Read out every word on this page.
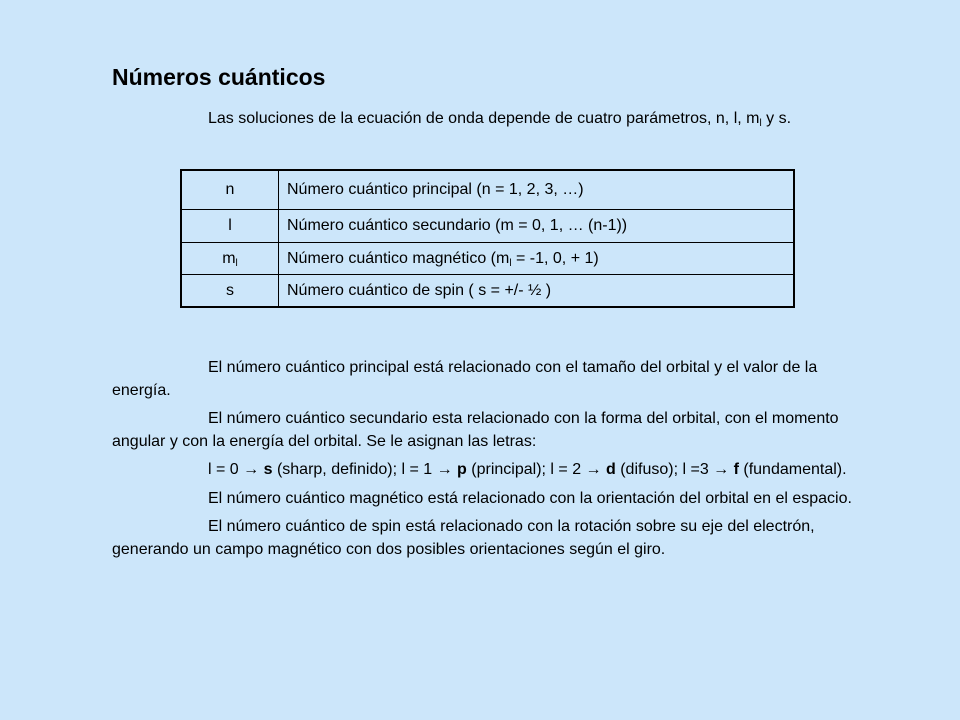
Números cuánticos
Las soluciones de la ecuación de onda depende de cuatro parámetros, n, l, $m_l$ y s.
n	Número cuántico principal (n = 1, 2, 3, …)
l	Número cuántico secundario (m = 0, 1, … (n-1))
$m_l$	Número cuántico magnético ($m_l = -1$, 0, + 1)
s	Número cuántico de spin ( s = +/- ½ )

El número cuántico principal está relacionado con el tamaño del orbital y el valor de la energía.

El número cuántico secundario esta relacionado con la forma del orbital, con el momento angular y con la energía del orbital. Se le asignan las letras:

l = 0 → s (sharp, definido); l = 1 → p (principal); l = 2 → d (difuso); l =3 → f (fundamental).

El número cuántico magnético está relacionado con la orientación del orbital en el espacio.

El número cuántico de spin está relacionado con la rotación sobre su eje del electrón, generando un campo magnético con dos posibles orientaciones según el giro.
